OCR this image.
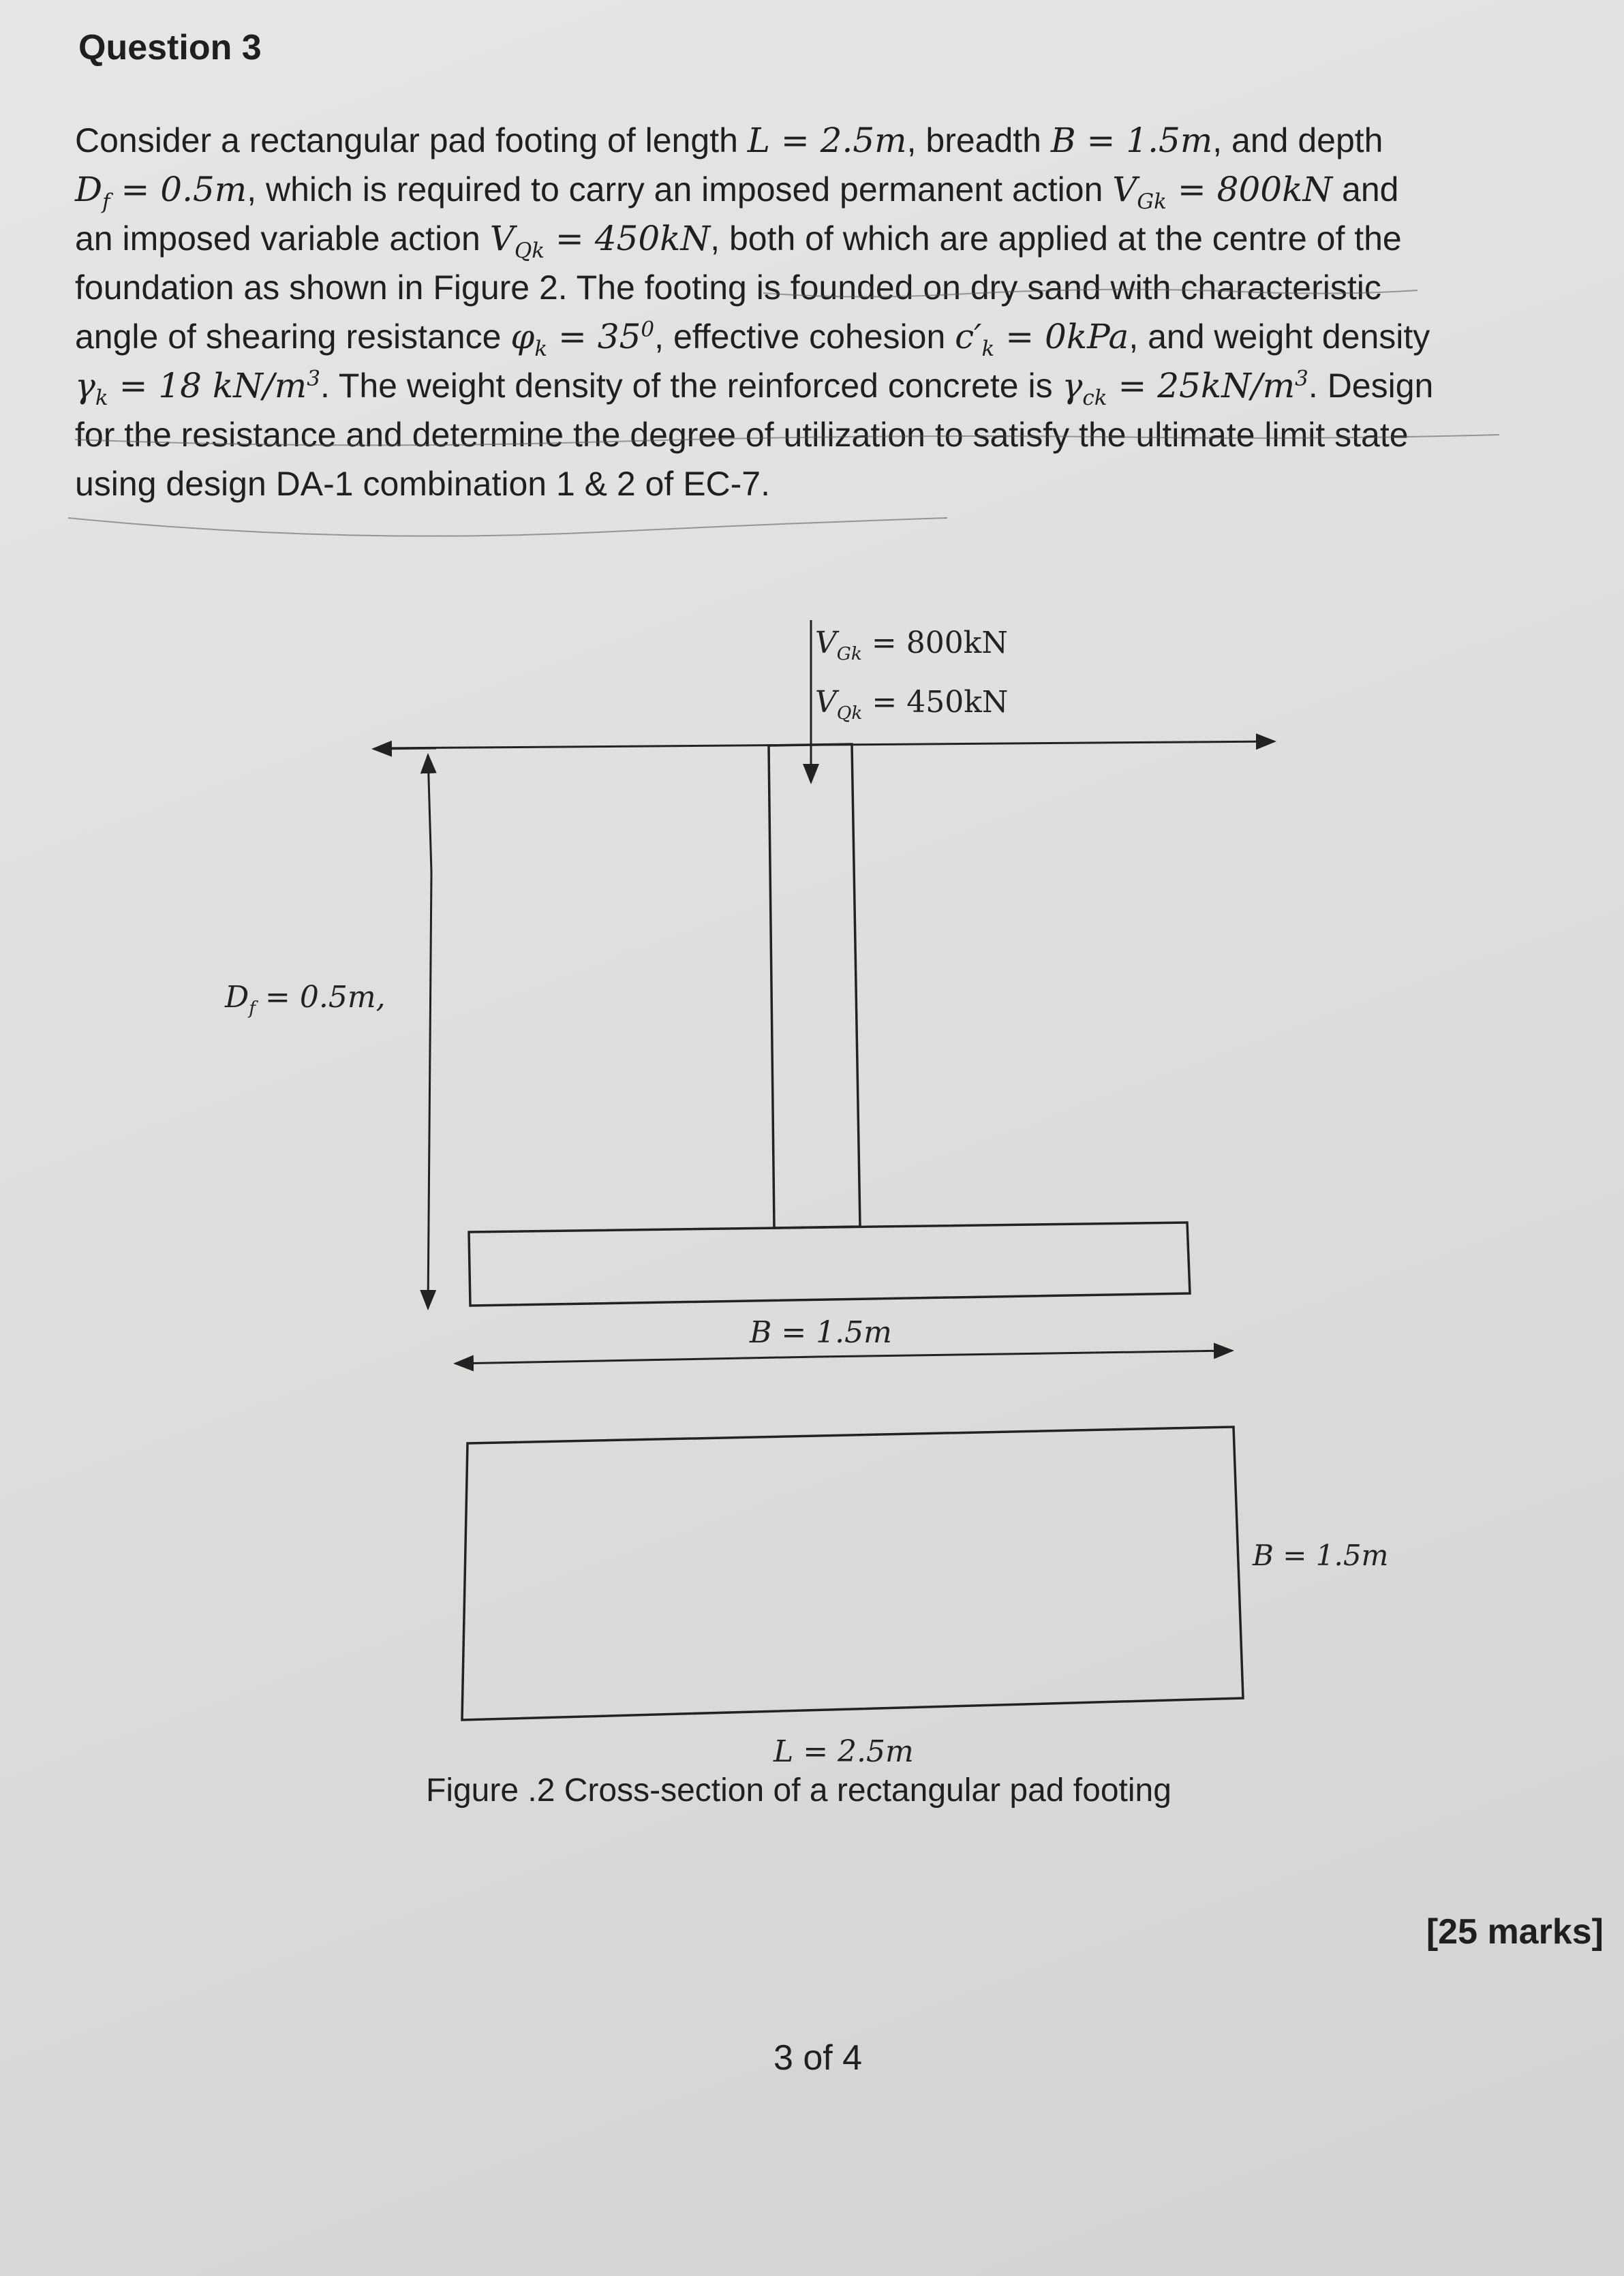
Question 3
Consider a rectangular pad footing of length L = 2.5m, breadth B = 1.5m, and depth
$D_f = 0.5m$, which is required to carry an imposed permanent action $V_{Gk} = 800kN$ and
an imposed variable action $V_{Qk} = 450kN$, both of which are applied at the centre of the
foundation as shown in Figure 2. The footing is founded on dry sand with characteristic
angle of shearing resistance $\varphi_k = 35^0$, effective cohesion $c'_k = 0kPa$, and weight density
$\gamma_k = 18$ $kN/m^3$. The weight density of the reinforced concrete is $\gamma_{ck} = 25kN/m^3$. Design
for the resistance and determine the degree of utilization to satisfy the ultimate limit state
using design DA-1 combination 1 & 2 of EC-7.
$V_{Gk} = 800kN$
$V_{Qk} = 450kN$
$D_f = 0.5m$,
B = 1.5m
B = 1.5m
L = 2.5m
Figure .2 Cross-section of a rectangular pad footing
[25 marks]
3 of 4
